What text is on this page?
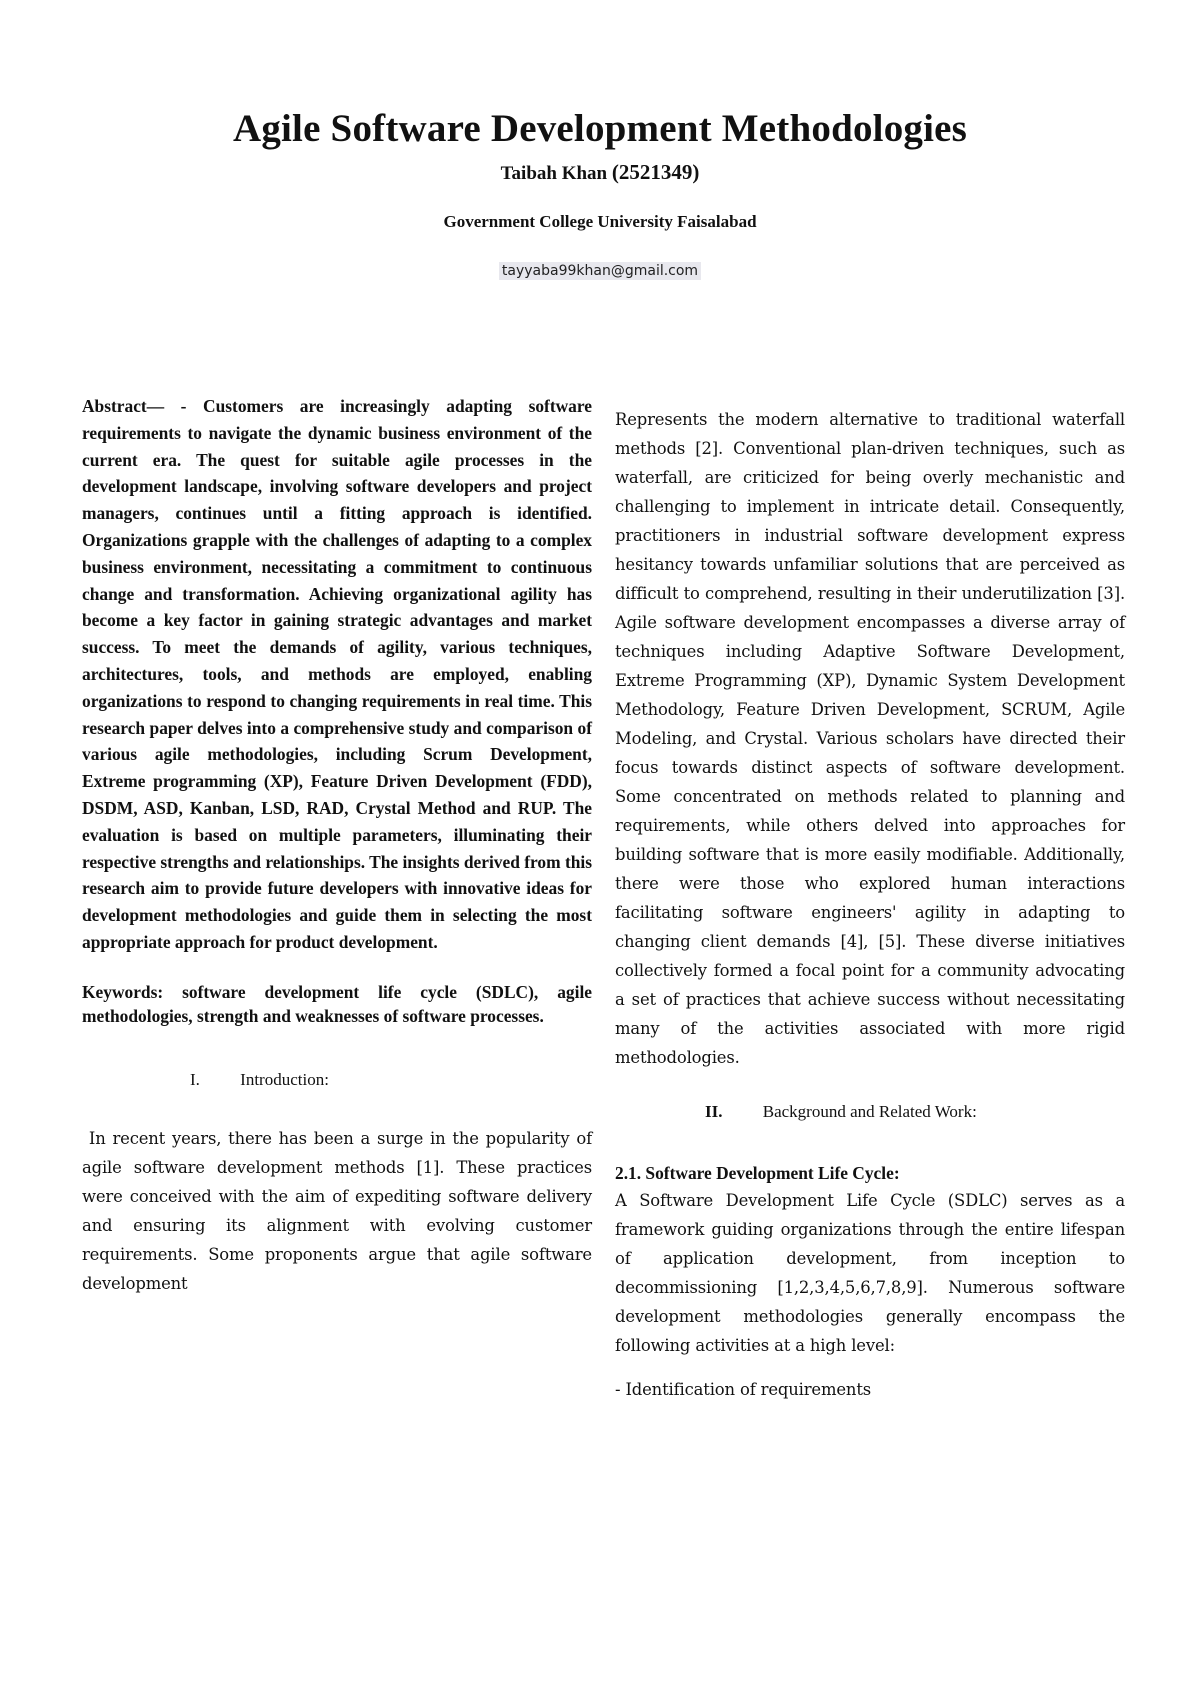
Agile Software Development Methodologies
Taibah Khan (2521349)
Government College University Faisalabad
tayyaba99khan@gmail.com

Abstract— - Customers are increasingly adapting software requirements to navigate the dynamic business environment of the current era. The quest for suitable agile processes in the development landscape, involving software developers and project managers, continues until a fitting approach is identified. Organizations grapple with the challenges of adapting to a complex business environment, necessitating a commitment to continuous change and transformation. Achieving organizational agility has become a key factor in gaining strategic advantages and market success. To meet the demands of agility, various techniques, architectures, tools, and methods are employed, enabling organizations to respond to changing requirements in real time. This research paper delves into a comprehensive study and comparison of various agile methodologies, including Scrum Development, Extreme programming (XP), Feature Driven Development (FDD), DSDM, ASD, Kanban, LSD, RAD, Crystal Method and RUP. The evaluation is based on multiple parameters, illuminating their respective strengths and relationships. The insights derived from this research aim to provide future developers with innovative ideas for development methodologies and guide them in selecting the most appropriate approach for product development.

Keywords: software development life cycle (SDLC), agile methodologies, strength and weaknesses of software processes.

I. Introduction:

In recent years, there has been a surge in the popularity of agile software development methods [1]. These practices were conceived with the aim of expediting software delivery and ensuring its alignment with evolving customer requirements. Some proponents argue that agile software development

Represents the modern alternative to traditional waterfall methods [2]. Conventional plan-driven techniques, such as waterfall, are criticized for being overly mechanistic and challenging to implement in intricate detail. Consequently, practitioners in industrial software development express hesitancy towards unfamiliar solutions that are perceived as difficult to comprehend, resulting in their underutilization [3]. Agile software development encompasses a diverse array of techniques including Adaptive Software Development, Extreme Programming (XP), Dynamic System Development Methodology, Feature Driven Development, SCRUM, Agile Modeling, and Crystal. Various scholars have directed their focus towards distinct aspects of software development. Some concentrated on methods related to planning and requirements, while others delved into approaches for building software that is more easily modifiable. Additionally, there were those who explored human interactions facilitating software engineers' agility in adapting to changing client demands [4], [5]. These diverse initiatives collectively formed a focal point for a community advocating a set of practices that achieve success without necessitating many of the activities associated with more rigid methodologies.

II. Background and Related Work:

2.1. Software Development Life Cycle:

A Software Development Life Cycle (SDLC) serves as a framework guiding organizations through the entire lifespan of application development, from inception to decommissioning [1,2,3,4,5,6,7,8,9]. Numerous software development methodologies generally encompass the following activities at a high level:

- Identification of requirements
